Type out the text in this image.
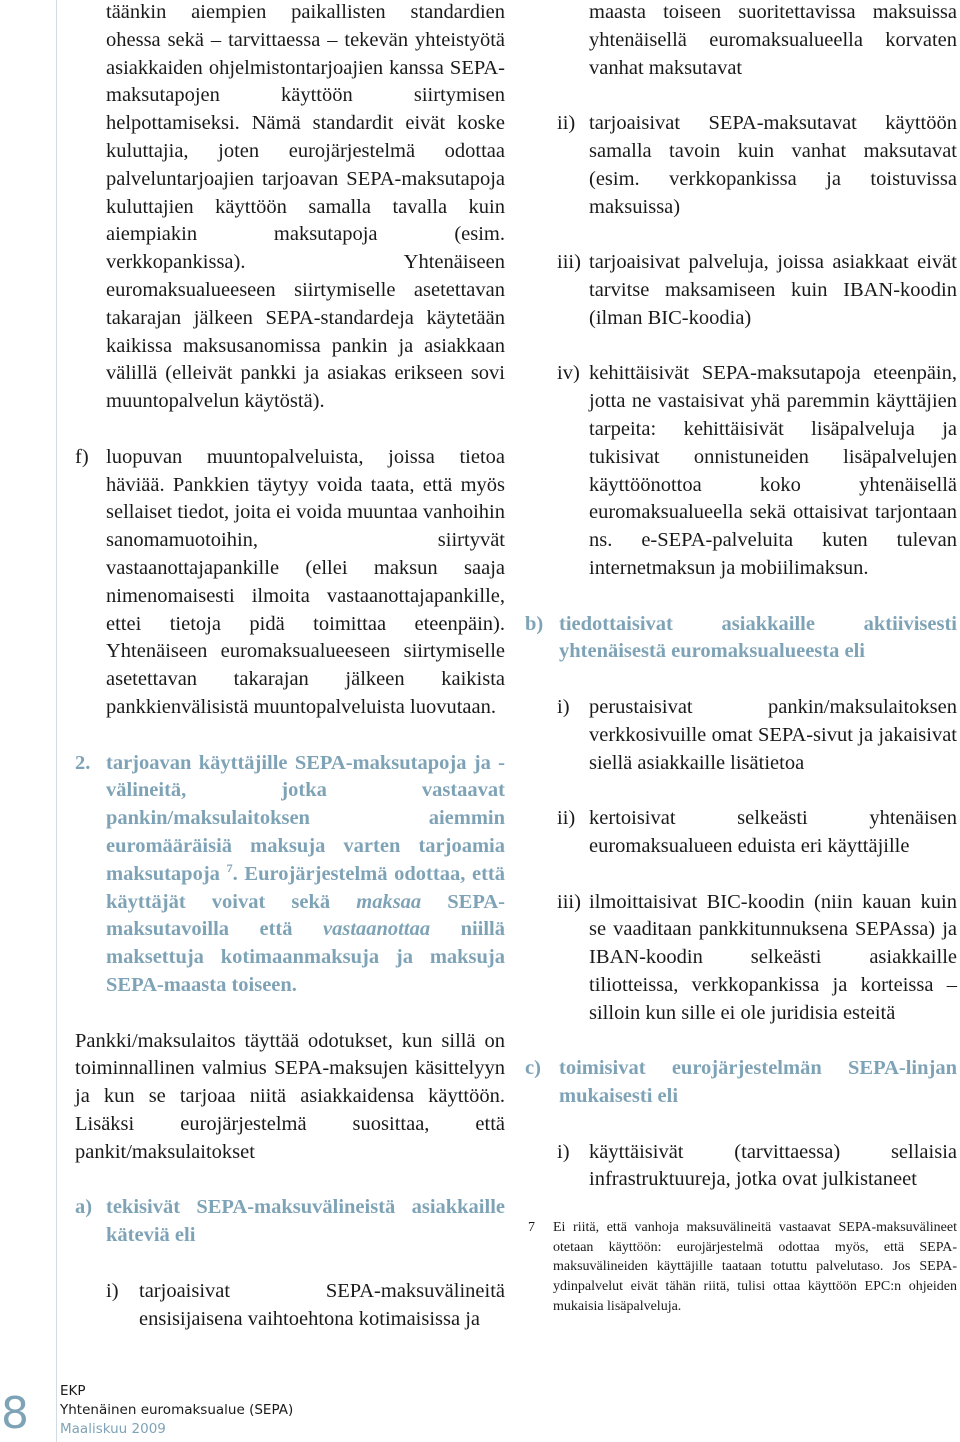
8 EKP
Yhtenäinen euromaksualue (SEPA)
Maaliskuu 2009

täänkin aiempien paikallisten standardien ohessa sekä – tarvittaessa – tekevän yhteistyötä asiakkaiden ohjelmistontarjoajien kanssa SEPA-maksutapojen käyttöön siirtymisen helpottamiseksi. Nämä standardit eivät koske kuluttajia, joten eurojärjestelmä odottaa palveluntarjoajien tarjoavan SEPA-maksutapoja kuluttajien käyttöön samalla tavalla kuin aiempiakin maksutapoja (esim. verkkopankissa). Yhtenäiseen euromaksualueeseen siirtymiselle asetettavan takarajan jälkeen SEPA-standardeja käytetään kaikissa maksusanomissa pankin ja asiakkaan välillä (elleivät pankki ja asiakas erikseen sovi muuntopalvelun käytöstä).

f) luopuvan muuntopalveluista, joissa tietoa häviää. Pankkien täytyy voida taata, että myös sellaiset tiedot, joita ei voida muuntaa vanhoihin sanomamuotoihin, siirtyvät vastaanottajapankille (ellei maksun saaja nimenomaisesti ilmoita vastaanottajapankille, ettei tietoja pidä toimittaa eteenpäin). Yhtenäiseen euromaksualueeseen siirtymiselle asetettavan takarajan jälkeen kaikista pankkienvälisistä muuntopalveluista luovutaan.
2. tarjoavan käyttäjille SEPA-maksutapoja ja -välineitä, jotka vastaavat pankin/maksulaitoksen aiemmin euromääräisiä maksuja varten tarjoamia maksutapoja $^7$. Eurojärjestelmä odottaa, että käyttäjät voivat sekä maksaa SEPA-maksutavoilla että vastaanottaa niillä maksettuja kotimaanmaksuja ja maksuja SEPA-maasta toiseen.

Pankki/maksulaitos täyttää odotukset, kun sillä on toiminnallinen valmius SEPA-maksujen käsittelyyn ja kun se tarjoaa niitä asiakkaidensa käyttöön. Lisäksi eurojärjestelmä suosittaa, että pankit/maksulaitokset

a) tekisivät SEPA-maksuvälineistä asiakkaille käteviä eli
i) tarjoaisivat SEPA-maksuvälineitä ensisijaisena vaihtoehtona kotimaisissa ja

maasta toiseen suoritettavissa maksuissa yhtenäisellä euromaksualueella korvaten vanhat maksutavat

ii) tarjoaisivat SEPA-maksutavat käyttöön samalla tavoin kuin vanhat maksutavat (esim. verkkopankissa ja toistuvissa maksuissa)
iii) tarjoaisivat palveluja, joissa asiakkaat eivät tarvitse maksamiseen kuin IBAN-koodin (ilman BIC-koodia)
iv) kehittäisivät SEPA-maksutapoja eteenpäin, jotta ne vastaisivat yhä paremmin käyttäjien tarpeita: kehittäisivät lisäpalveluja ja tukisivat onnistuneiden lisäpalvelujen käyttöönottoa koko yhtenäisellä euromaksualueella sekä ottaisivat tarjontaan ns. e-SEPA-palveluita kuten tulevan internetmaksun ja mobiilimaksun.
b) tiedottaisivat asiakkaille aktiivisesti yhtenäisestä euromaksualueesta eli
i) perustaisivat pankin/maksulaitoksen verkkosivuille omat SEPA-sivut ja jakaisivat siellä asiakkaille lisätietoa
ii) kertoisivat selkeästi yhtenäisen euromaksualueen eduista eri käyttäjille
iii) ilmoittaisivat BIC-koodin (niin kauan kuin se vaaditaan pankkitunnuksena SEPAssa) ja IBAN-koodin selkeästi asiakkaille tiliotteissa, verkkopankissa ja korteissa – silloin kun sille ei ole juridisia esteitä
c) toimisivat eurojärjestelmän SEPA-linjan mukaisesti eli
i) käyttäisivät (tarvittaessa) sellaisia infrastruktuureja, jotka ovat julkistaneet
7 Ei riitä, että vanhoja maksuvälineitä vastaavat SEPA-maksuvälineet otetaan käyttöön: eurojärjestelmä odottaa myös, että SEPA-maksuvälineiden käyttäjille taataan totuttu palvelutaso. Jos SEPA-ydinpalvelut eivät tähän riitä, tulisi ottaa käyttöön EPC:n ohjeiden mukaisia lisäpalveluja.
